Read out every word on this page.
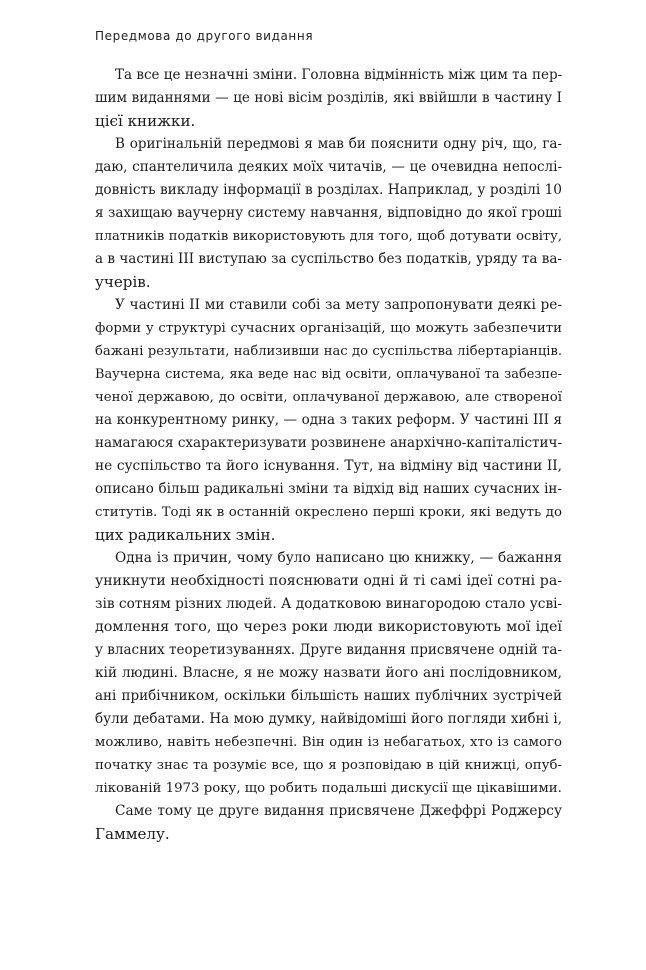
Передмова до другого видання
Та все це незначні зміни. Головна відмінність між цим та пер-
шим виданнями — це нові вісім розділів, які ввійшли в частину I
цієї книжки.
В оригінальній передмові я мав би пояснити одну річ, що, га-
даю, спантеличила деяких моїх читачів, — це очевидна непослі-
довність викладу інформації в розділах. Наприклад, у розділі 10
я захищаю ваучерну систему навчання, відповідно до якої гроші
платників податків використовують для того, щоб дотувати освіту,
а в частині III виступаю за суспільство без податків, уряду та ва-
учерів.
У частині II ми ставили собі за мету запропонувати деякі ре-
форми у структурі сучасних організацій, що можуть забезпечити
бажані результати, наблизивши нас до суспільства лібертаріанців.
Ваучерна система, яка веде нас від освіти, оплачуваної та забезпе-
ченої державою, до освіти, оплачуваної державою, але створеної
на конкурентному ринку, — одна з таких реформ. У частині III я
намагаюся схарактеризувати розвинене анархічно-капіталістич-
не суспільство та його існування. Тут, на відміну від частини II,
описано більш радикальні зміни та відхід від наших сучасних ін-
ститутів. Тоді як в останній окреслено перші кроки, які ведуть до
цих радикальних змін.
Одна із причин, чому було написано цю книжку, — бажання
уникнути необхідності пояснювати одні й ті самі ідеї сотні ра-
зів сотням різних людей. А додатковою винагородою стало усві-
домлення того, що через роки люди використовують мої ідеї
у власних теоретизуваннях. Друге видання присвячене одній та-
кій людині. Власне, я не можу назвати його ані послідовником,
ані прибічником, оскільки більшість наших публічних зустрічей
були дебатами. На мою думку, найвідоміші його погляди хибні і,
можливо, навіть небезпечні. Він один із небагатьох, хто із самого
початку знає та розуміє все, що я розповідаю в цій книжці, опуб-
лікованій 1973 року, що робить подальші дискусії ще цікавішими.
Саме тому це друге видання присвячене Джеффрі Роджерсу
Гаммелу.
